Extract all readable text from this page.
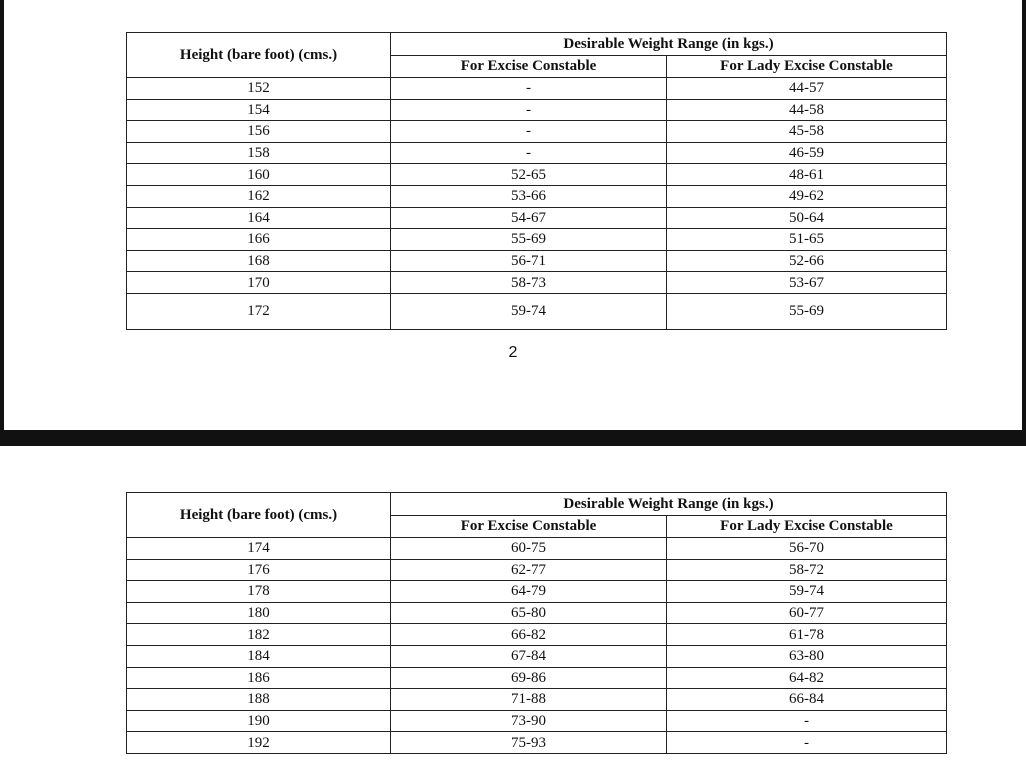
Height (bare foot) (cms.)	Desirable Weight Range (in kgs.)	
	For Excise Constable	For Lady Excise Constable
152	-	44-57
154	-	44-58
156	-	45-58
158	-	46-59
160	52-65	48-61
162	53-66	49-62
164	54-67	50-64
166	55-69	51-65
168	56-71	52-66
170	58-73	53-67
172	59-74	55-69
2
Height (bare foot) (cms.)	Desirable Weight Range (in kgs.)	
	For Excise Constable	For Lady Excise Constable
174	60-75	56-70
176	62-77	58-72
178	64-79	59-74
180	65-80	60-77
182	66-82	61-78
184	67-84	63-80
186	69-86	64-82
188	71-88	66-84
190	73-90	-
192	75-93	-
